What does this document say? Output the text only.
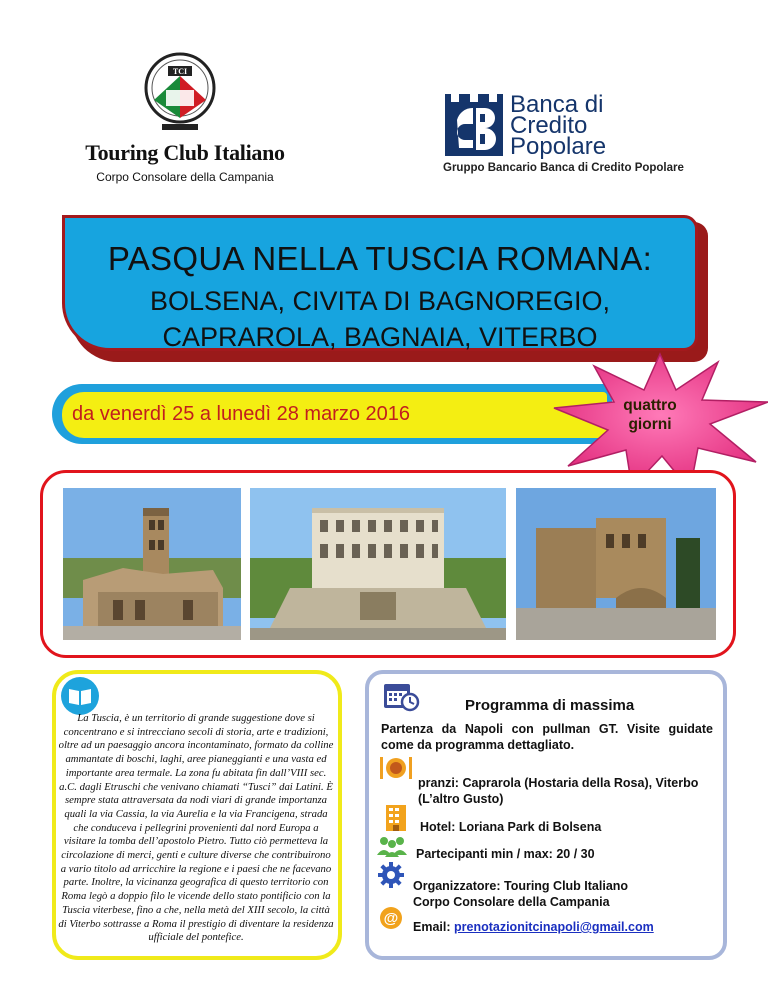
TCI
Touring Club Italiano
Corpo Consolare della Campania
Banca di
Credito
Popolare
Gruppo Bancario Banca di Credito Popolare
PASQUA NELLA TUSCIA ROMANA:
BOLSENA, CIVITA DI BAGNOREGIO,
CAPRAROLA, BAGNAIA, VITERBO
da venerdì 25 a lunedì 28 marzo 2016	quattro
giorni
La Tuscia, è un territorio di grande suggestione dove si concentrano e si intrecciano secoli di storia, arte e tradizioni, oltre ad un paesaggio ancora incontaminato, formato da colline ammantate di boschi, laghi, aree pianeggianti e una vasta ed importante area termale. La zona fu abitata fin dall’VIII sec. a.C. dagli Etruschi che venivano chiamati “Tusci” dai Latini. È sempre stata attraversata da nodi viari di grande importanza quali la via Cassia, la via Aurelia e la via Francigena, strada che conduceva i pellegrini provenienti dal nord Europa a visitare la tomba dell’apostolo Pietro. Tutto ciò permetteva la circolazione di merci, genti e culture diverse che contribuirono a vario titolo ad arricchire la regione e i paesi che ne facevano parte. Inoltre, la vicinanza geografica di questo territorio con Roma legò a doppio filo le vicende dello stato pontificio con la Tuscia viterbese, fino a che, nella metà del XIII secolo, la città di Viterbo sottrasse a Roma il prestigio di diventare la residenza ufficiale del pontefice.
Programma di massima
Partenza da Napoli con pullman GT. Visite guidate come da programma dettagliato.
pranzi: Caprarola (Hostaria della Rosa), Viterbo (L’altro Gusto)
Hotel: Loriana Park di Bolsena
Partecipanti min / max: 20 / 30
Organizzatore: Touring Club Italiano
Corpo Consolare della Campania
@ Email: prenotazionitcinapoli@gmail.com
